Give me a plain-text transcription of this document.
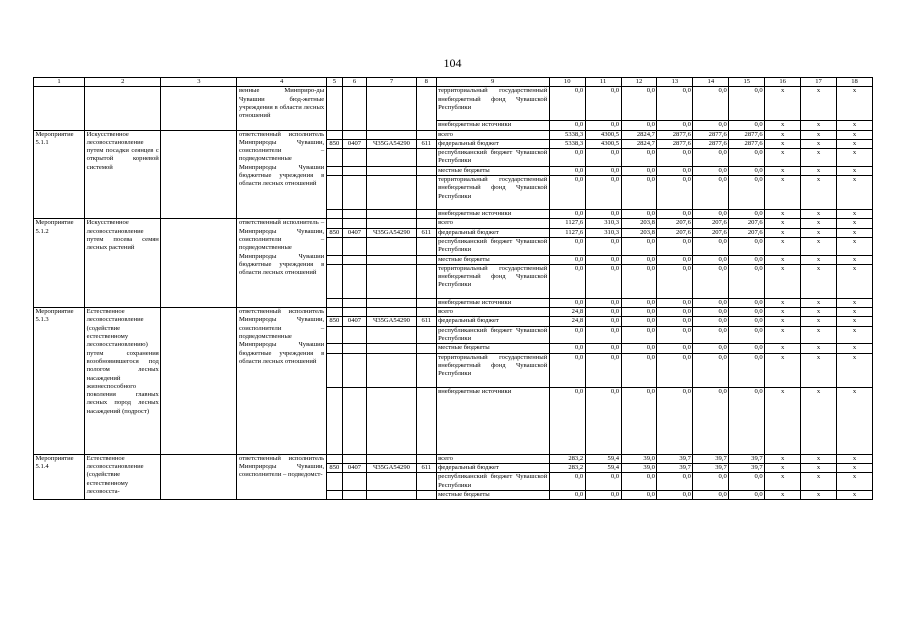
104
1	2	3	4	5	6	7	8	9	10	11	12	13	14	15	16	17	18
			венные Минприро-ды Чувашии бюд-жетные учреждения в области лесных отношений					территориальный государственный внебюджетный фонд Чувашской Республики	0,0	0,0	0,0	0,0	0,0	0,0	x	x	x
								внебюджетные источники	0,0	0,0	0,0	0,0	0,0	0,0	x	x	x
Мероприятие 5.1.1	Искусственное лесовосстановление путем посадки сеянцев с открытой корневой системой		ответственный исполнитель Минприроды Чувашии, соисполнители – подведомственные Минприроды Чувашии бюджетные учреждения в области лесных отношений					всего	5338,3	4300,5	2824,7	2877,6	2877,6	2877,6	x	x	x
				850	0407	Ч35GA54290	611	федеральный бюджет	5338,3	4300,5	2824,7	2877,6	2877,6	2877,6	x	x	x
								республиканский бюджет Чувашской Республики	0,0	0,0	0,0	0,0	0,0	0,0	x	x	x
								местные бюджеты	0,0	0,0	0,0	0,0	0,0	0,0	x	x	x
								территориальный государственный внебюджетный фонд Чувашской Республики	0,0	0,0	0,0	0,0	0,0	0,0	x	x	x
								внебюджетные источники	0,0	0,0	0,0	0,0	0,0	0,0	x	x	x
Мероприятие 5.1.2	Искусственное лесовосстановление путем посева семян лесных растений		ответственный исполнитель – Минприроды Чувашии, соисполнители – подведомственные Минприроды Чувашии бюджетные учреждения в области лесных отношений					всего	1127,6	310,3	203,8	207,6	207,6	207,6	x	x	x
				850	0407	Ч35GA54290	611	федеральный бюджет	1127,6	310,3	203,8	207,6	207,6	207,6	x	x	x
								республиканский бюджет Чувашской Республики	0,0	0,0	0,0	0,0	0,0	0,0	x	x	x
								местные бюджеты	0,0	0,0	0,0	0,0	0,0	0,0	x	x	x
								территориальный государственный внебюджетный фонд Чувашской Республики	0,0	0,0	0,0	0,0	0,0	0,0	x	x	x
								внебюджетные источники	0,0	0,0	0,0	0,0	0,0	0,0	x	x	x
Мероприятие 5.1.3	Естественное лесовосстановление (содействие естественному лесовосстановлению) путем сохранения возобновившегося под пологом лесных насаждений жизнеспособного поколения главных лесных пород лесных насаждений (подрост)		ответственный исполнитель Минприроды Чувашии, соисполнители – подведомственные Минприроды Чувашии бюджетные учреждения в области лесных отношений					всего	24,8	0,0	0,0	0,0	0,0	0,0	x	x	x
				850	0407	Ч35GA54290	611	федеральный бюджет	24,8	0,0	0,0	0,0	0,0	0,0	x	x	x
								республиканский бюджет Чувашской Республики	0,0	0,0	0,0	0,0	0,0	0,0	x	x	x
								местные бюджеты	0,0	0,0	0,0	0,0	0,0	0,0	x	x	x
								территориальный государственный внебюджетный фонд Чувашской Республики	0,0	0,0	0,0	0,0	0,0	0,0	x	x	x
								внебюджетные источники	0,0	0,0	0,0	0,0	0,0	0,0	x	x	x
Мероприятие 5.1.4	Естественное лесовосстановление (содействие естественному лесовосста-		ответственный исполнитель Минприроды Чувашии, соисполнители – подведомст-					всего	283,2	59,4	39,0	39,7	39,7	39,7	x	x	x
				850	0407	Ч35GA54290	611	федеральный бюджет	283,2	59,4	39,0	39,7	39,7	39,7	x	x	x
								республиканский бюджет Чувашской Республики	0,0	0,0	0,0	0,0	0,0	0,0	x	x	x
								местные бюджеты	0,0	0,0	0,0	0,0	0,0	0,0	x	x	x
